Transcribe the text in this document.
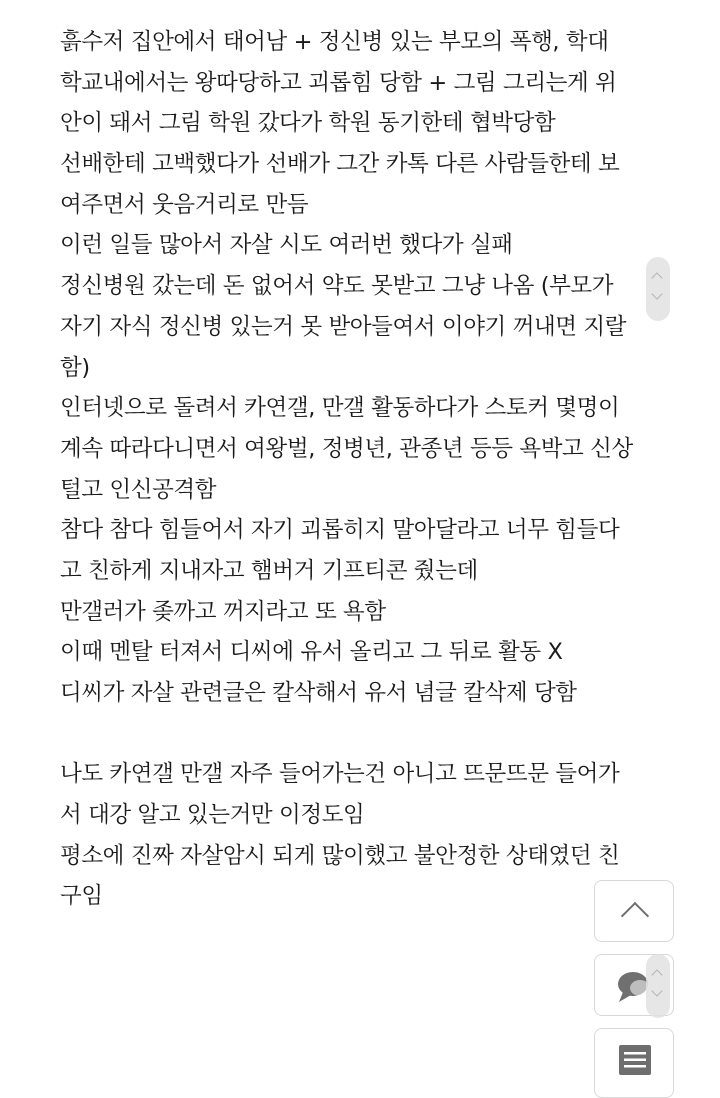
흙수저 집안에서 태어남 + 정신병 있는 부모의 폭행, 학대
학교내에서는 왕따당하고 괴롭힘 당함 + 그림 그리는게 위
안이 돼서 그림 학원 갔다가 학원 동기한테 협박당함
선배한테 고백했다가 선배가 그간 카톡 다른 사람들한테 보
여주면서 웃음거리로 만듬
이런 일들 많아서 자살 시도 여러번 했다가 실패
정신병원 갔는데 돈 없어서 약도 못받고 그냥 나옴 (부모가
자기 자식 정신병 있는거 못 받아들여서 이야기 꺼내면 지랄
함)
인터넷으로 돌려서 카연갤, 만갤 활동하다가 스토커 몇명이
계속 따라다니면서 여왕벌, 정병년, 관종년 등등 욕박고 신상
털고 인신공격함
참다 참다 힘들어서 자기 괴롭히지 말아달라고 너무 힘들다
고 친하게 지내자고 햄버거 기프티콘 줬는데
만갤러가 좆까고 꺼지라고 또 욕함
이때 멘탈 터져서 디씨에 유서 올리고 그 뒤로 활동 X
디씨가 자살 관련글은 칼삭해서 유서 념글 칼삭제 당함
나도 카연갤 만갤 자주 들어가는건 아니고 뜨문뜨문 들어가
서 대강 알고 있는거만 이정도임
평소에 진짜 자살암시 되게 많이했고 불안정한 상태였던 친
구임
